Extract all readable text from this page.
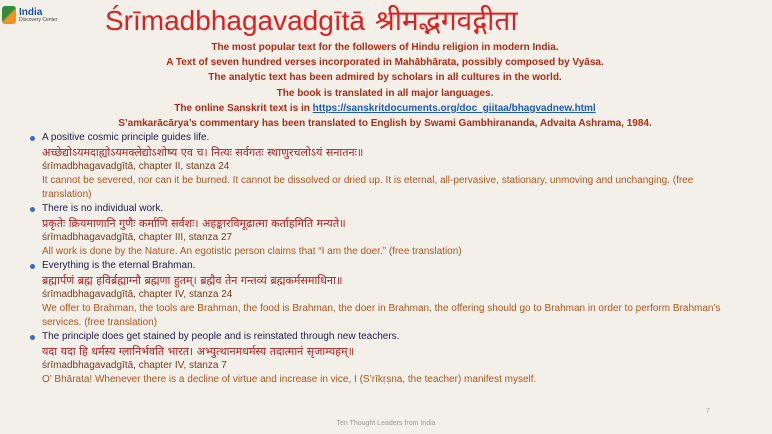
India
Discovery Center Śrīmadbhagavadgītā श्रीमद्भगवद्गीता
The most popular text for the followers of Hindu religion in modern India.
A Text of seven hundred verses incorporated in Mahābhārata, possibly composed by Vyāsa.
The analytic text has been admired by scholars in all cultures in the world.
The book is translated in all major languages.
The online Sanskrit text is in https://sanskritdocuments.org/doc_giitaa/bhagvadnew.html
S’amkarācārya’s commentary has been translated to English by Swami Gambhirananda, Advaita Ashrama, 1984.
A positive cosmic principle guides life.
अच्छेद्योऽयमदाह्योऽयमक्लेद्योऽशोष्य एव च। नित्यः सर्वगतः स्थाणुरचलोऽयं सनातनः॥
śrīmadbhagavadgītā, chapter II, stanza 24
It cannot be severed, nor can it be burned. It cannot be dissolved or dried up. It is eternal, all-pervasive, stationary, unmoving and unchanging. (free translation)
There is no individual work.
प्रकृतेः क्रियमाणानि गुणैः कर्माणि सर्वशः। अहङ्कारविमूढात्मा कर्ताहमिति मन्यते॥
śrīmadbhagavadgītā, chapter III, stanza 27
All work is done by the Nature. An egotistic person claims that “I am the doer.” (free translation)
Everything is the eternal Brahman.
ब्रह्मार्पणं ब्रह्म हविर्ब्रह्माग्नौ ब्रह्मणा हुतम्। ब्रह्मैव तेन गन्तव्यं ब्रह्मकर्मसमाधिना॥
śrīmadbhagavadgītā, chapter IV, stanza 24
We offer to Brahman, the tools are Brahman, the food is Brahman, the doer in Brahman, the offering should go to Brahman in order to perform Brahman’s services. (free translation)
The principle does get stained by people and is reinstated through new teachers.
यदा यदा हि धर्मस्य ग्लानिर्भवति भारत। अभ्युत्थानमधर्मस्य तदात्मानं सृजाम्यहम्॥
śrīmadbhagavadgītā, chapter IV, stanza 7
O’ Bhārata! Whenever there is a decline of virtue and increase in vice, I (S’rīkṛṣna, the teacher) manifest myself.
Ten Thought Leaders from India
7
